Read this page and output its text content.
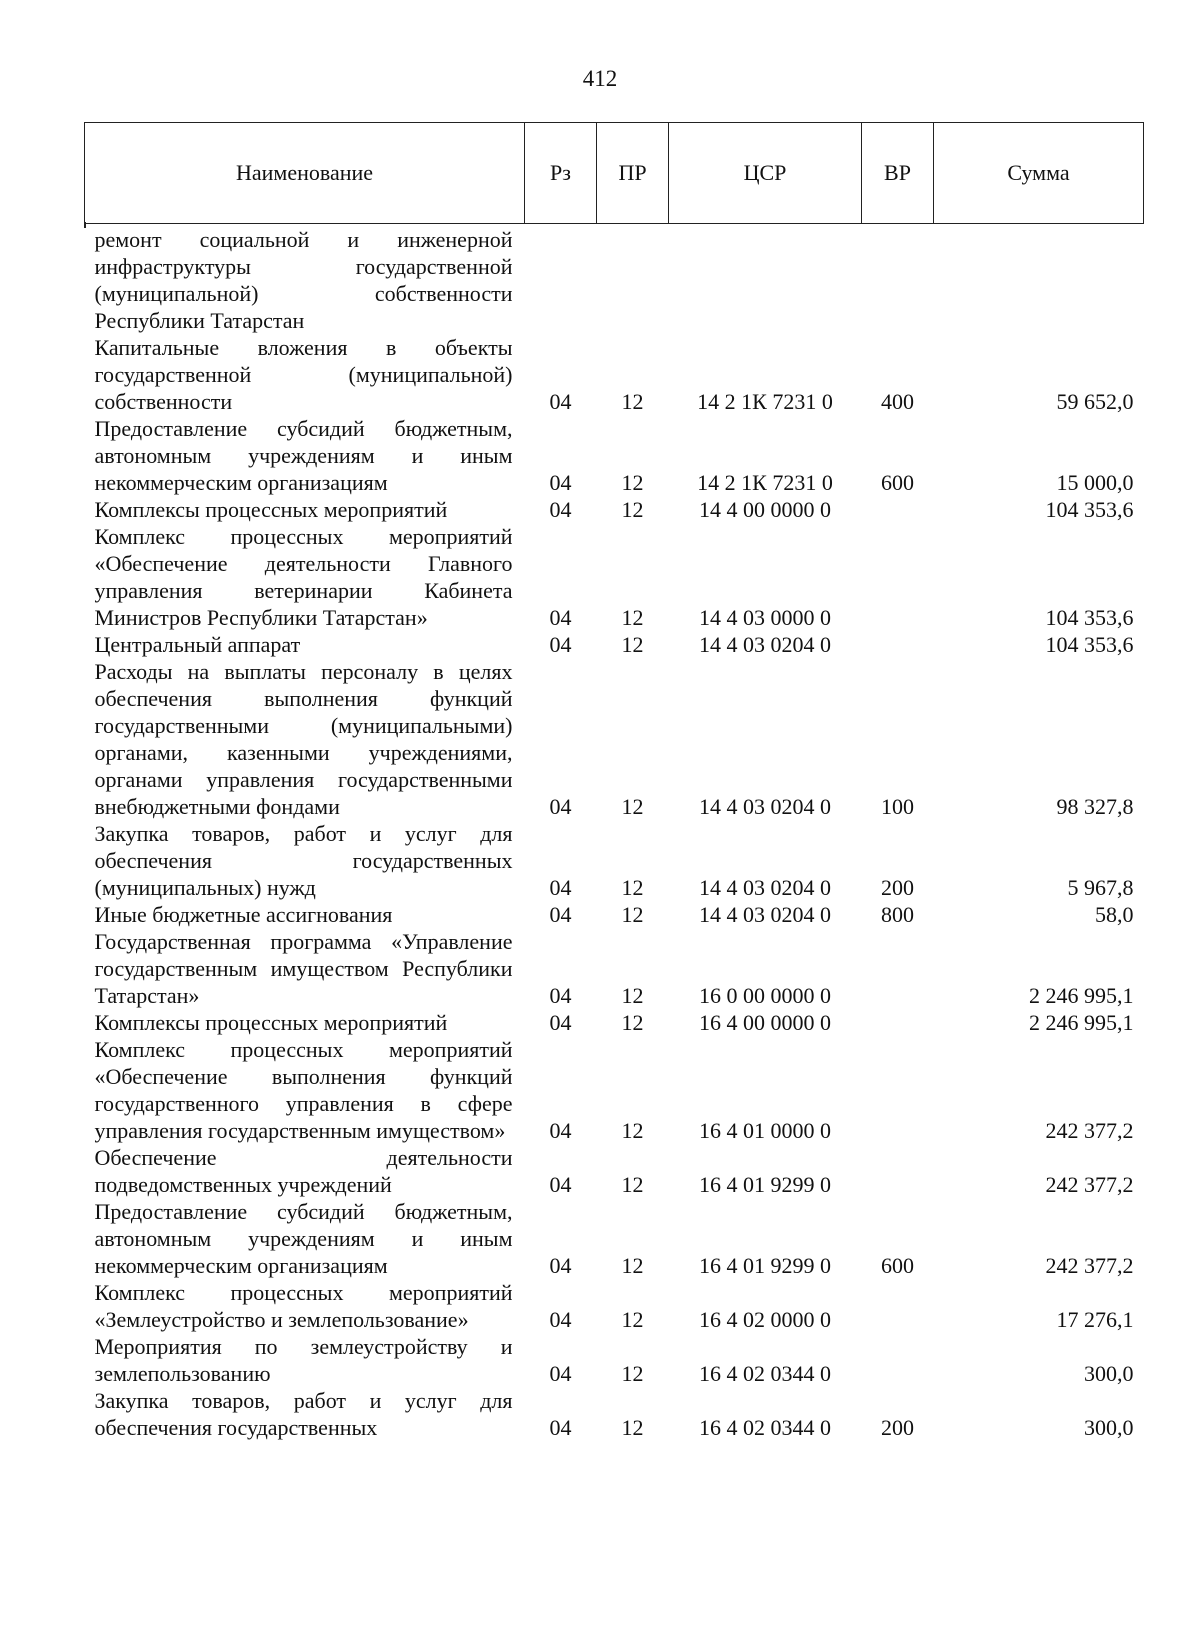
412
Наименование	Рз	ПР	ЦСР	ВР	Сумма
ремонт социальной и инженерной инфраструктуры государственной (муниципальной) собственности Республики Татарстан					
Капитальные вложения в объекты государственной (муниципальной) собственности	04	12	14 2 1К 7231 0	400	59 652,0
Предоставление субсидий бюджетным, автономным учреждениям и иным некоммерческим организациям	04	12	14 2 1К 7231 0	600	15 000,0
Комплексы процессных мероприятий	04	12	14 4 00 0000 0		104 353,6
Комплекс процессных мероприятий «Обеспечение деятельности Главного управления ветеринарии Кабинета Министров Республики Татарстан»	04	12	14 4 03 0000 0		104 353,6
Центральный аппарат	04	12	14 4 03 0204 0		104 353,6
Расходы на выплаты персоналу в целях обеспечения выполнения функций государственными (муниципальными) органами, казенными учреждениями, органами управления государственными внебюджетными фондами	04	12	14 4 03 0204 0	100	98 327,8
Закупка товаров, работ и услуг для обеспечения государственных (муниципальных) нужд	04	12	14 4 03 0204 0	200	5 967,8
Иные бюджетные ассигнования	04	12	14 4 03 0204 0	800	58,0
Государственная программа «Управление государственным имуществом Республики Татарстан»	04	12	16 0 00 0000 0		2 246 995,1
Комплексы процессных мероприятий	04	12	16 4 00 0000 0		2 246 995,1
Комплекс процессных мероприятий «Обеспечение выполнения функций государственного управления в сфере управления государственным имуществом»	04	12	16 4 01 0000 0		242 377,2
Обеспечение деятельности подведомственных учреждений	04	12	16 4 01 9299 0		242 377,2
Предоставление субсидий бюджетным, автономным учреждениям и иным некоммерческим организациям	04	12	16 4 01 9299 0	600	242 377,2
Комплекс процессных мероприятий «Землеустройство и землепользование»	04	12	16 4 02 0000 0		17 276,1
Мероприятия по землеустройству и землепользованию	04	12	16 4 02 0344 0		300,0
Закупка товаров, работ и услуг для обеспечения государственных	04	12	16 4 02 0344 0	200	300,0
